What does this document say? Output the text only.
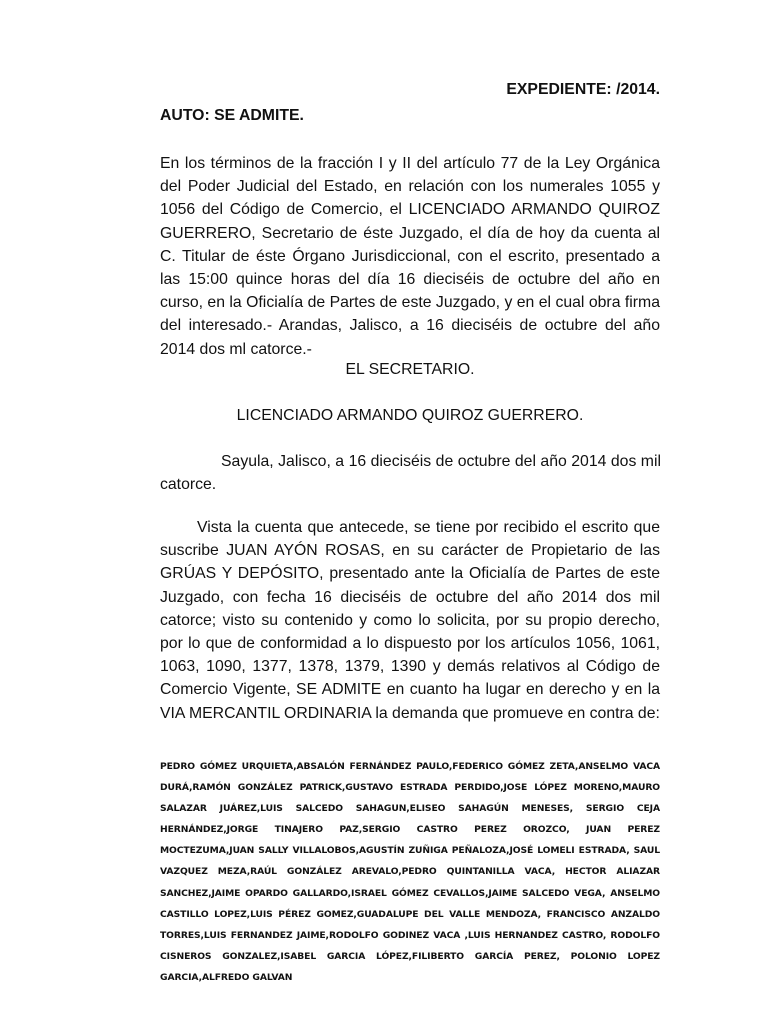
EXPEDIENTE: /2014.
AUTO: SE ADMITE.
En los términos de la fracción I y II del artículo 77 de la Ley Orgánica del Poder Judicial del Estado, en relación con los numerales 1055 y 1056 del Código de Comercio, el LICENCIADO ARMANDO QUIROZ GUERRERO, Secretario de éste Juzgado, el día de hoy da cuenta al C. Titular de éste Órgano Jurisdiccional, con el escrito, presentado a las 15:00 quince horas del día 16 dieciséis de octubre del año en curso, en la Oficialía de Partes de este Juzgado, y en el cual obra firma del interesado.- Arandas, Jalisco, a 16 dieciséis de octubre del año 2014 dos ml catorce.-
EL SECRETARIO.
LICENCIADO ARMANDO QUIROZ GUERRERO.
Sayula, Jalisco, a 16 dieciséis de octubre del año 2014 dos mil catorce.
Vista la cuenta que antecede, se tiene por recibido el escrito que suscribe JUAN AYÓN ROSAS, en su carácter de Propietario de las GRÚAS Y DEPÓSITO, presentado ante la Oficialía de Partes de este Juzgado, con fecha 16 dieciséis de octubre del año 2014 dos mil catorce; visto su contenido y como lo solicita, por su propio derecho, por lo que de conformidad a lo dispuesto por los artículos 1056, 1061, 1063, 1090, 1377, 1378, 1379, 1390 y demás relativos al Código de Comercio Vigente, SE ADMITE en cuanto ha lugar en derecho y en la VIA MERCANTIL ORDINARIA la demanda que promueve en contra de:
PEDRO GÓMEZ URQUIETA,ABSALÓN FERNÁNDEZ PAULO,FEDERICO GÓMEZ ZETA,ANSELMO VACA DURÁ,RAMÓN GONZÁLEZ PATRICK,GUSTAVO ESTRADA PERDIDO,JOSE LÓPEZ MORENO,MAURO SALAZAR JUÁREZ,LUIS SALCEDO SAHAGUN,ELISEO SAHAGÚN MENESES, SERGIO CEJA HERNÁNDEZ,JORGE TINAJERO PAZ,SERGIO CASTRO PEREZ OROZCO, JUAN PEREZ MOCTEZUMA,JUAN SALLY VILLALOBOS,AGUSTÍN ZUÑIGA PEÑALOZA,JOSÉ LOMELI ESTRADA, SAUL VAZQUEZ MEZA,RAÚL GONZÁLEZ AREVALO,PEDRO QUINTANILLA VACA, HECTOR ALIAZAR SANCHEZ,JAIME OPARDO GALLARDO,ISRAEL GÓMEZ CEVALLOS,JAIME SALCEDO VEGA, ANSELMO CASTILLO LOPEZ,LUIS PÉREZ GOMEZ,GUADALUPE DEL VALLE MENDOZA, FRANCISCO ANZALDO TORRES,LUIS FERNANDEZ JAIME,RODOLFO GODINEZ VACA ,LUIS HERNANDEZ CASTRO, RODOLFO CISNEROS GONZALEZ,ISABEL GARCIA LÓPEZ,FILIBERTO GARCÍA PEREZ, POLONIO LOPEZ GARCIA,ALFREDO GALVAN
